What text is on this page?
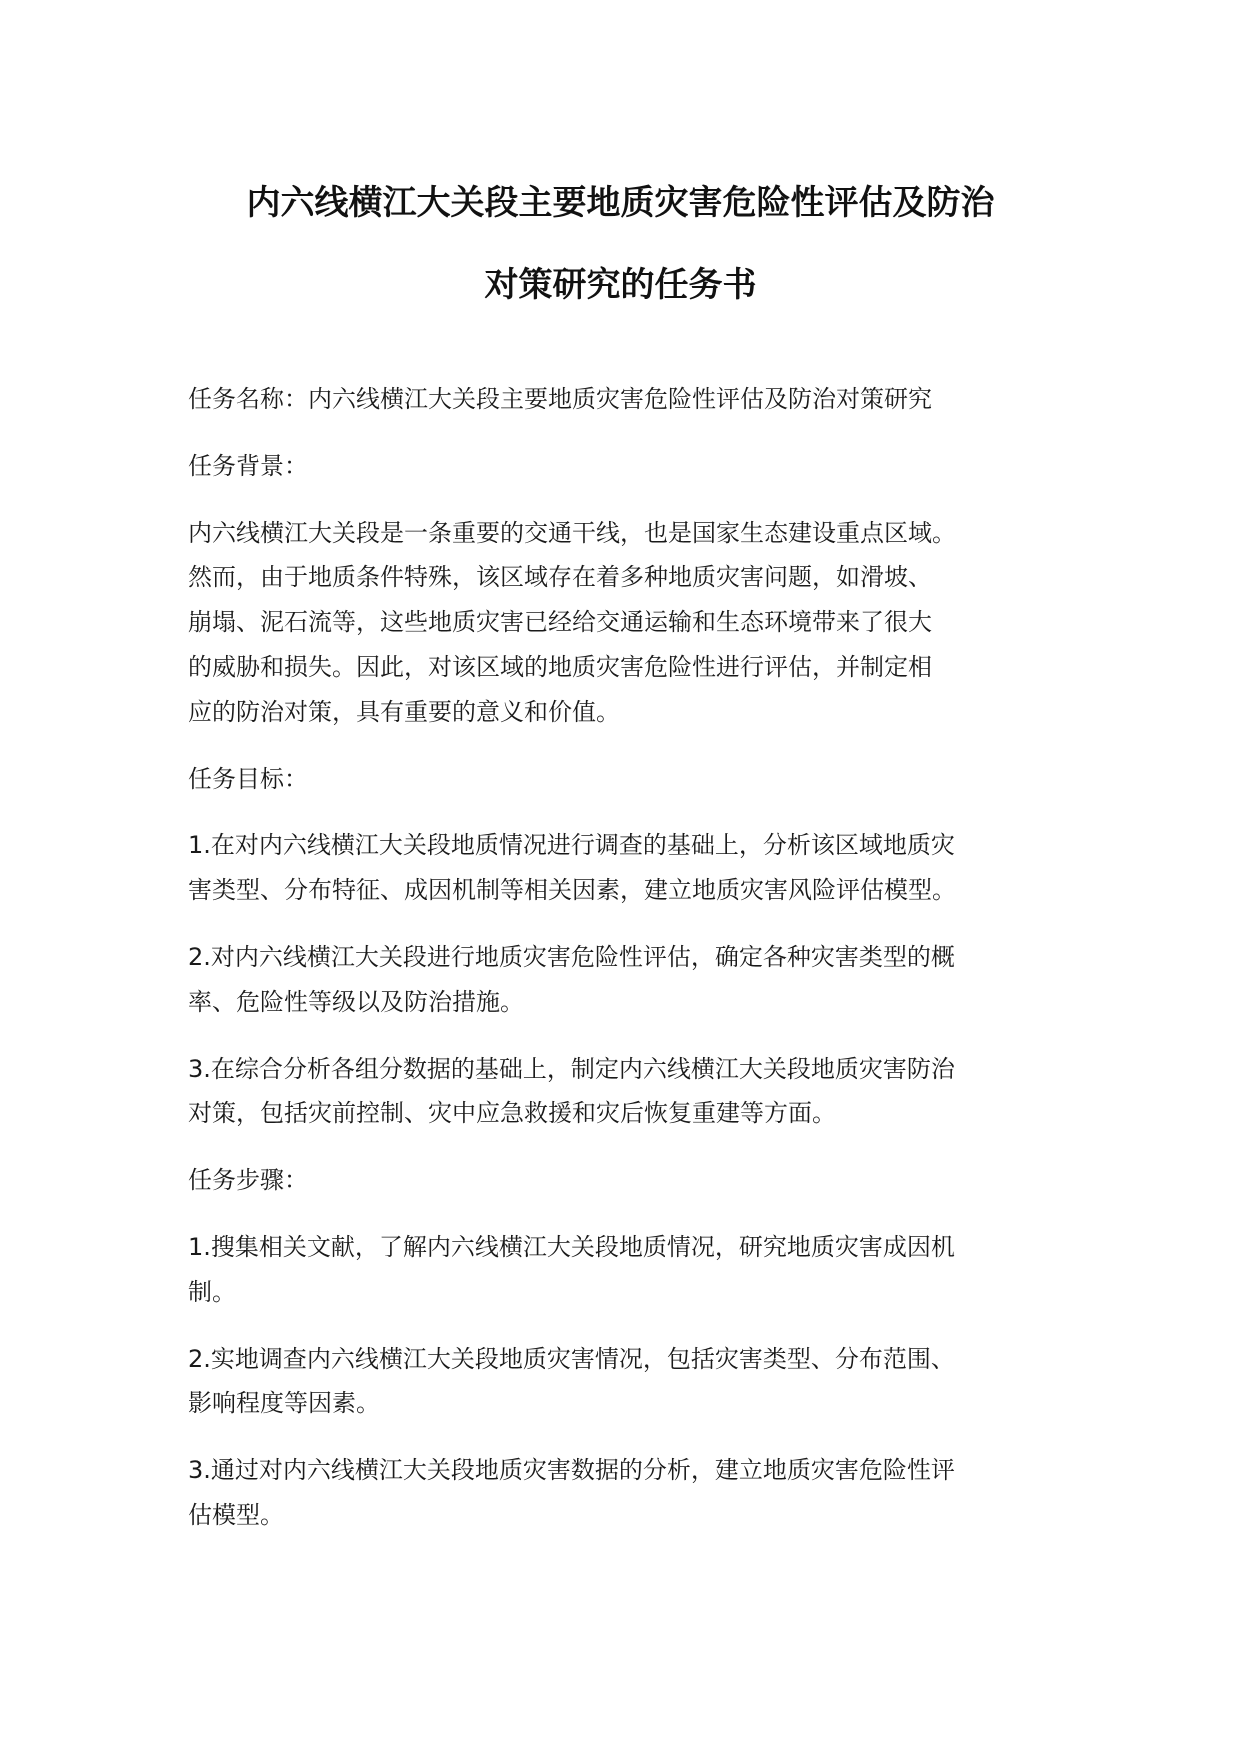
内六线横江大关段主要地质灾害危险性评估及防治
对策研究的任务书

任务名称：内六线横江大关段主要地质灾害危险性评估及防治对策研究

任务背景：

内六线横江大关段是一条重要的交通干线，也是国家生态建设重点区域。
然而，由于地质条件特殊，该区域存在着多种地质灾害问题，如滑坡、
崩塌、泥石流等，这些地质灾害已经给交通运输和生态环境带来了很大
的威胁和损失。因此，对该区域的地质灾害危险性进行评估，并制定相
应的防治对策，具有重要的意义和价值。

任务目标：

1.在对内六线横江大关段地质情况进行调查的基础上，分析该区域地质灾
害类型、分布特征、成因机制等相关因素，建立地质灾害风险评估模型。

2.对内六线横江大关段进行地质灾害危险性评估，确定各种灾害类型的概
率、危险性等级以及防治措施。

3.在综合分析各组分数据的基础上，制定内六线横江大关段地质灾害防治
对策，包括灾前控制、灾中应急救援和灾后恢复重建等方面。

任务步骤：

1.搜集相关文献，了解内六线横江大关段地质情况，研究地质灾害成因机
制。

2.实地调查内六线横江大关段地质灾害情况，包括灾害类型、分布范围、
影响程度等因素。

3.通过对内六线横江大关段地质灾害数据的分析，建立地质灾害危险性评
估模型。
